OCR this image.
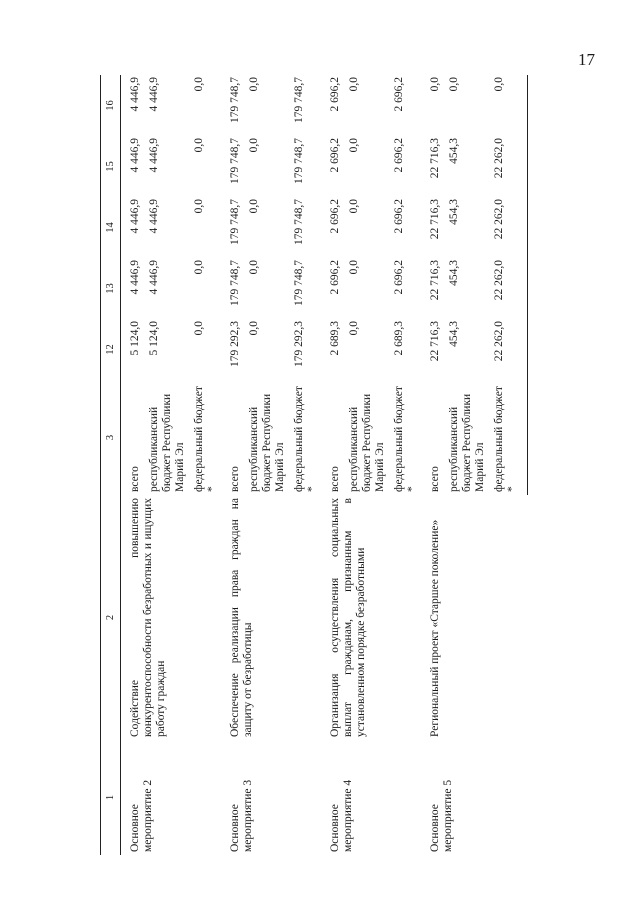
17
1	2	3	12	13	14	15	16
Основное мероприятие 2	Содействие повышению конкурентоспособности безработных и ищущих работу граждан	всего	5 124,0	4 446,9	4 446,9	4 446,9	4 446,9
		республиканский бюджет Республики Марий Эл	5 124,0	4 446,9	4 446,9	4 446,9	4 446,9
		федеральный бюджет *	0,0	0,0	0,0	0,0	0,0
Основное мероприятие 3	Обеспечение реализации права граждан на защиту от безработицы	всего	179 292,3	179 748,7	179 748,7	179 748,7	179 748,7
		республиканский бюджет Республики Марий Эл	0,0	0,0	0,0	0,0	0,0
		федеральный бюджет *	179 292,3	179 748,7	179 748,7	179 748,7	179 748,7
Основное мероприятие 4	Организация осуществления социальных выплат гражданам, признанным в установленном порядке безработными	всего	2 689,3	2 696,2	2 696,2	2 696,2	2 696,2
		республиканский бюджет Республики Марий Эл	0,0	0,0	0,0	0,0	0,0
		федеральный бюджет *	2 689,3	2 696,2	2 696,2	2 696,2	2 696,2
Основное мероприятие 5	Региональный проект «Старшее поколение»	всего	22 716,3	22 716,3	22 716,3	22 716,3	0,0
		республиканский бюджет Республики Марий Эл	454,3	454,3	454,3	454,3	0,0
		федеральный бюджет *	22 262,0	22 262,0	22 262,0	22 262,0	0,0
